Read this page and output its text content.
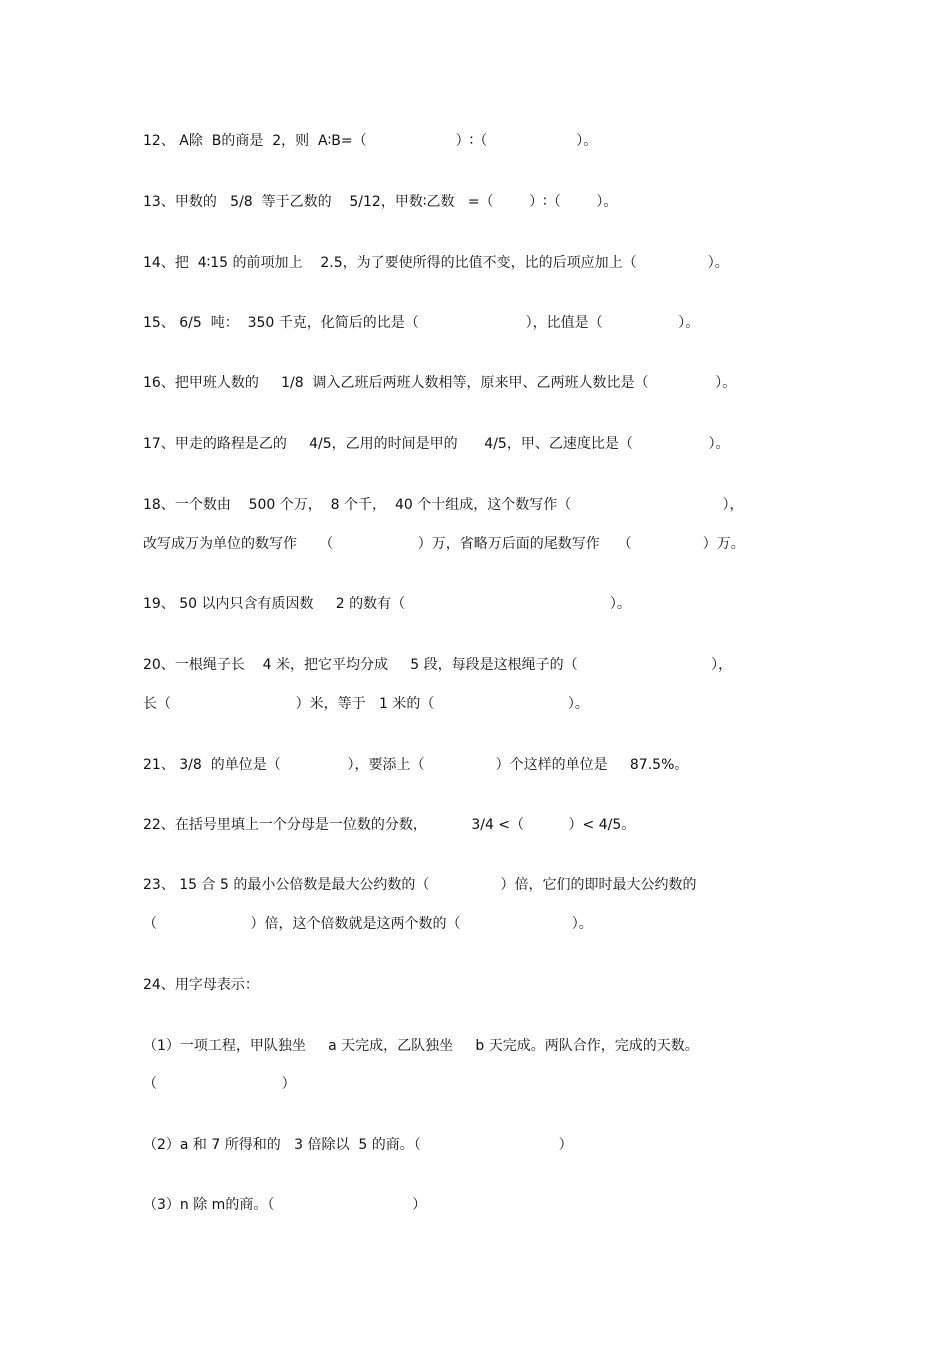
12、 A除  B的商是  2，则  A∶B=（                    ）∶（                    ）。

13、甲数的   5/8  等于乙数的    5/12，甲数∶乙数   =（        ）∶（        ）。

14、把  4∶15 的前项加上    2.5，为了要使所得的比值不变，比的后项应加上（                ）。

15、 6/5  吨：  350 千克，化简后的比是（                        ），比值是（                 ）。

16、把甲班人数的     1/8  调入乙班后两班人数相等，原来甲、乙两班人数比是（               ）。

17、甲走的路程是乙的     4/5，乙用的时间是甲的      4/5，甲、乙速度比是（                 ）。

18、一个数由    500 个万，  8 个千，  40 个十组成，这个数写作（                                  ），

改写成万为单位的数写作     （                   ）万，省略万后面的尾数写作    （                ）万。

19、 50 以内只含有质因数     2 的数有（                                              ）。

20、一根绳子长    4 米，把它平均分成     5 段，每段是这根绳子的（                              ），

长（                            ）米，等于   1 米的（                              ）。

21、 3/8  的单位是（               ），要添上（                ）个这样的单位是     87.5%。

22、在括号里填上一个分母是一位数的分数，          3/4 <（          ）< 4/5。

23、 15 合 5 的最小公倍数是最大公约数的（                ）倍，它们的即时最大公约数的

（                     ）倍，这个倍数就是这两个数的（                         ）。

24、用字母表示：

（1）一项工程，甲队独坐     a 天完成，乙队独坐     b 天完成。两队合作，完成的天数。

（                            ）

（2）a 和 7 所得和的   3 倍除以  5 的商。（                               ）

（3）n 除 m的商。（                               ）
